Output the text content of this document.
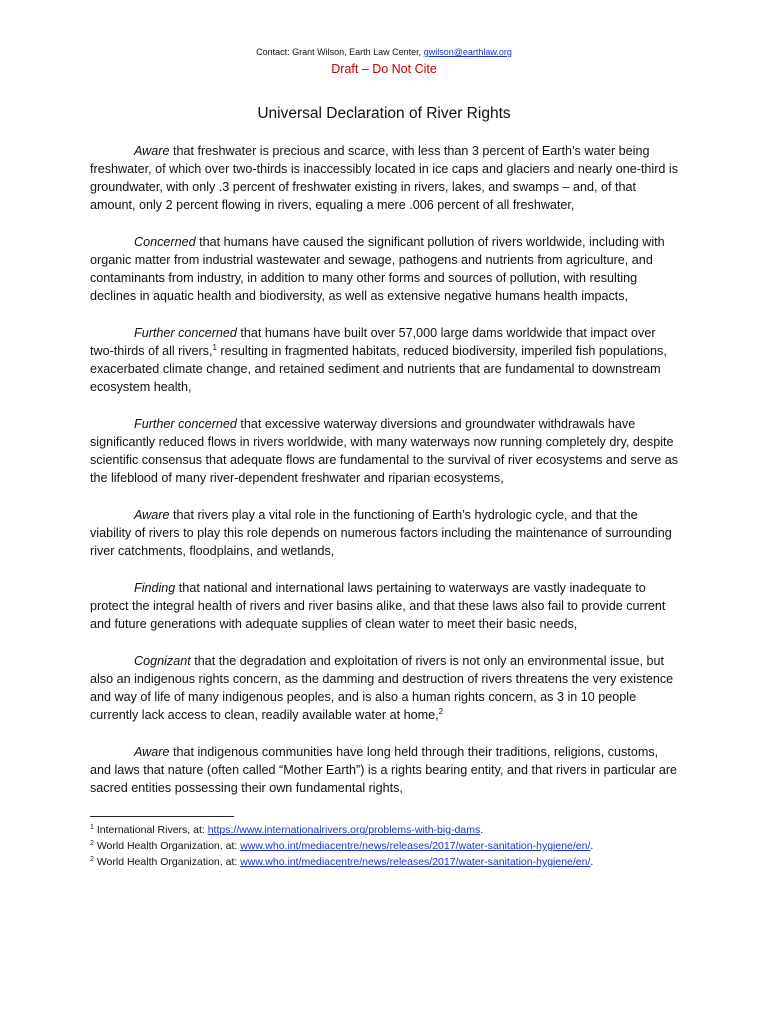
Contact: Grant Wilson, Earth Law Center, gwilson@earthlaw.org

Draft – Do Not Cite

Universal Declaration of River Rights

Aware that freshwater is precious and scarce, with less than 3 percent of Earth’s water being freshwater, of which over two-thirds is inaccessibly located in ice caps and glaciers and nearly one-third is groundwater, with only .3 percent of freshwater existing in rivers, lakes, and swamps – and, of that amount, only 2 percent flowing in rivers, equaling a mere .006 percent of all freshwater,

Concerned that humans have caused the significant pollution of rivers worldwide, including with organic matter from industrial wastewater and sewage, pathogens and nutrients from agriculture, and contaminants from industry, in addition to many other forms and sources of pollution, with resulting declines in aquatic health and biodiversity, as well as extensive negative humans health impacts,

Further concerned that humans have built over 57,000 large dams worldwide that impact over two-thirds of all rivers,$^1$ resulting in fragmented habitats, reduced biodiversity, imperiled fish populations, exacerbated climate change, and retained sediment and nutrients that are fundamental to downstream ecosystem health,

Further concerned that excessive waterway diversions and groundwater withdrawals have significantly reduced flows in rivers worldwide, with many waterways now running completely dry, despite scientific consensus that adequate flows are fundamental to the survival of river ecosystems and serve as the lifeblood of many river-dependent freshwater and riparian ecosystems,

Aware that rivers play a vital role in the functioning of Earth’s hydrologic cycle, and that the viability of rivers to play this role depends on numerous factors including the maintenance of surrounding river catchments, floodplains, and wetlands,

Finding that national and international laws pertaining to waterways are vastly inadequate to protect the integral health of rivers and river basins alike, and that these laws also fail to provide current and future generations with adequate supplies of clean water to meet their basic needs,

Cognizant that the degradation and exploitation of rivers is not only an environmental issue, but also an indigenous rights concern, as the damming and destruction of rivers threatens the very existence and way of life of many indigenous peoples, and is also a human rights concern, as 3 in 10 people currently lack access to clean, readily available water at home,$^2$

Aware that indigenous communities have long held through their traditions, religions, customs, and laws that nature (often called “Mother Earth”) is a rights bearing entity, and that rivers in particular are sacred entities possessing their own fundamental rights,

$^1$ International Rivers, at: https://www.internationalrivers.org/problems-with-big-dams.

$^2$ World Health Organization, at: www.who.int/mediacentre/news/releases/2017/water-sanitation-hygiene/en/.

$^2$ World Health Organization, at: www.who.int/mediacentre/news/releases/2017/water-sanitation-hygiene/en/.
